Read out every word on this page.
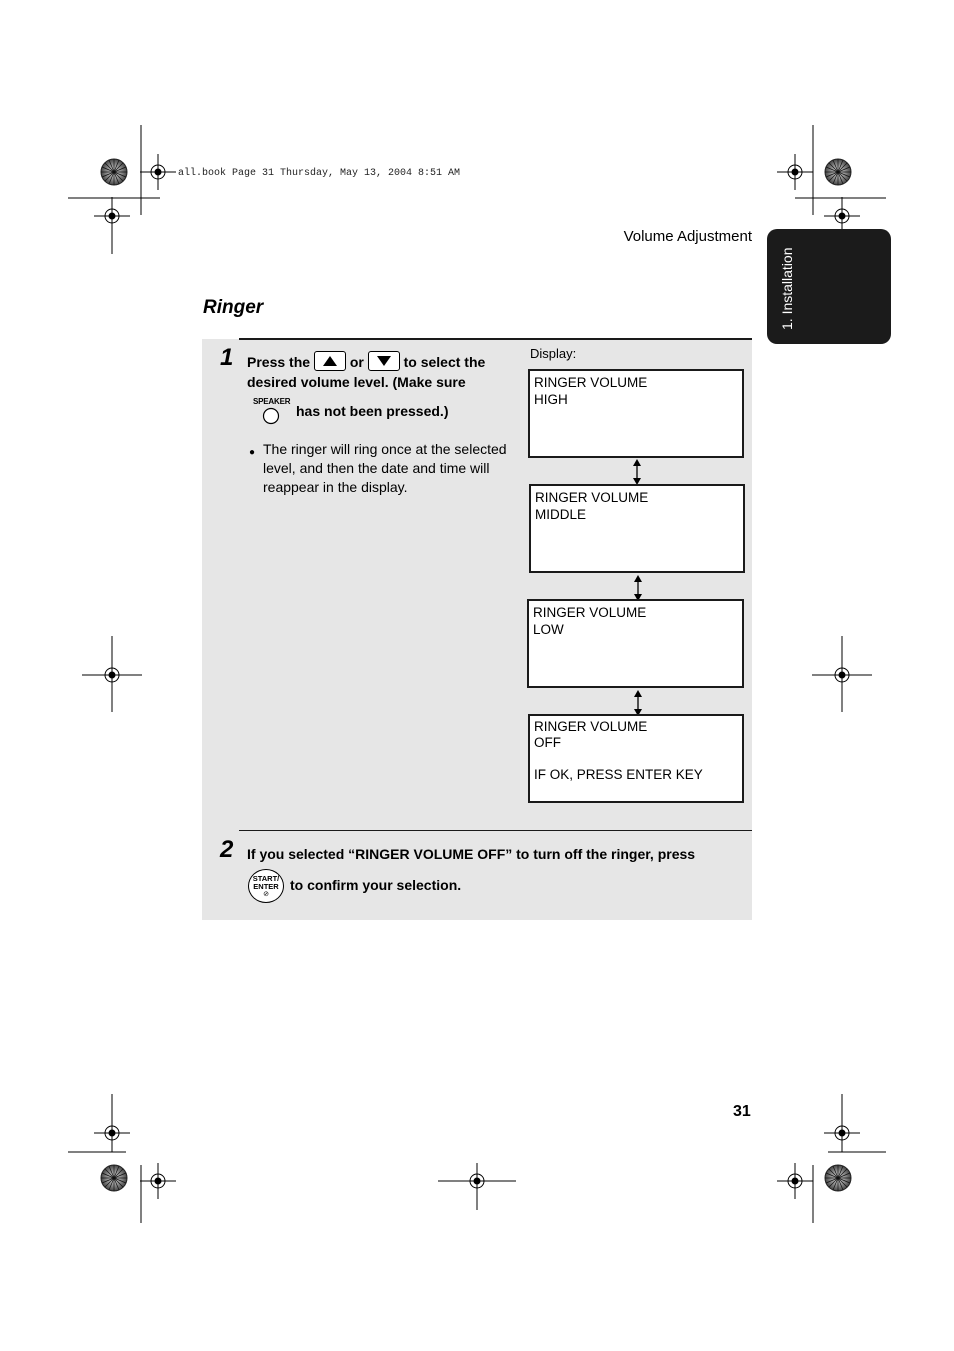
all.book Page 31 Thursday, May 13, 2004 8:51 AM
Volume Adjustment
1. Installation
Ringer
1 Press the	or	to select the
desired volume level. (Make sure
SPEAKER
has not been pressed.)
● The ringer will ring once at the selected level, and then the date and time will reappear in the display.
Display:
RINGER VOLUME
HIGH
RINGER VOLUME
MIDDLE
RINGER VOLUME
LOW
RINGER VOLUME
OFF
IF OK, PRESS ENTER KEY
2 If you selected “RINGER VOLUME OFF” to turn off the ringer, press
START/
ENTER
⊘
to confirm your selection.
31
